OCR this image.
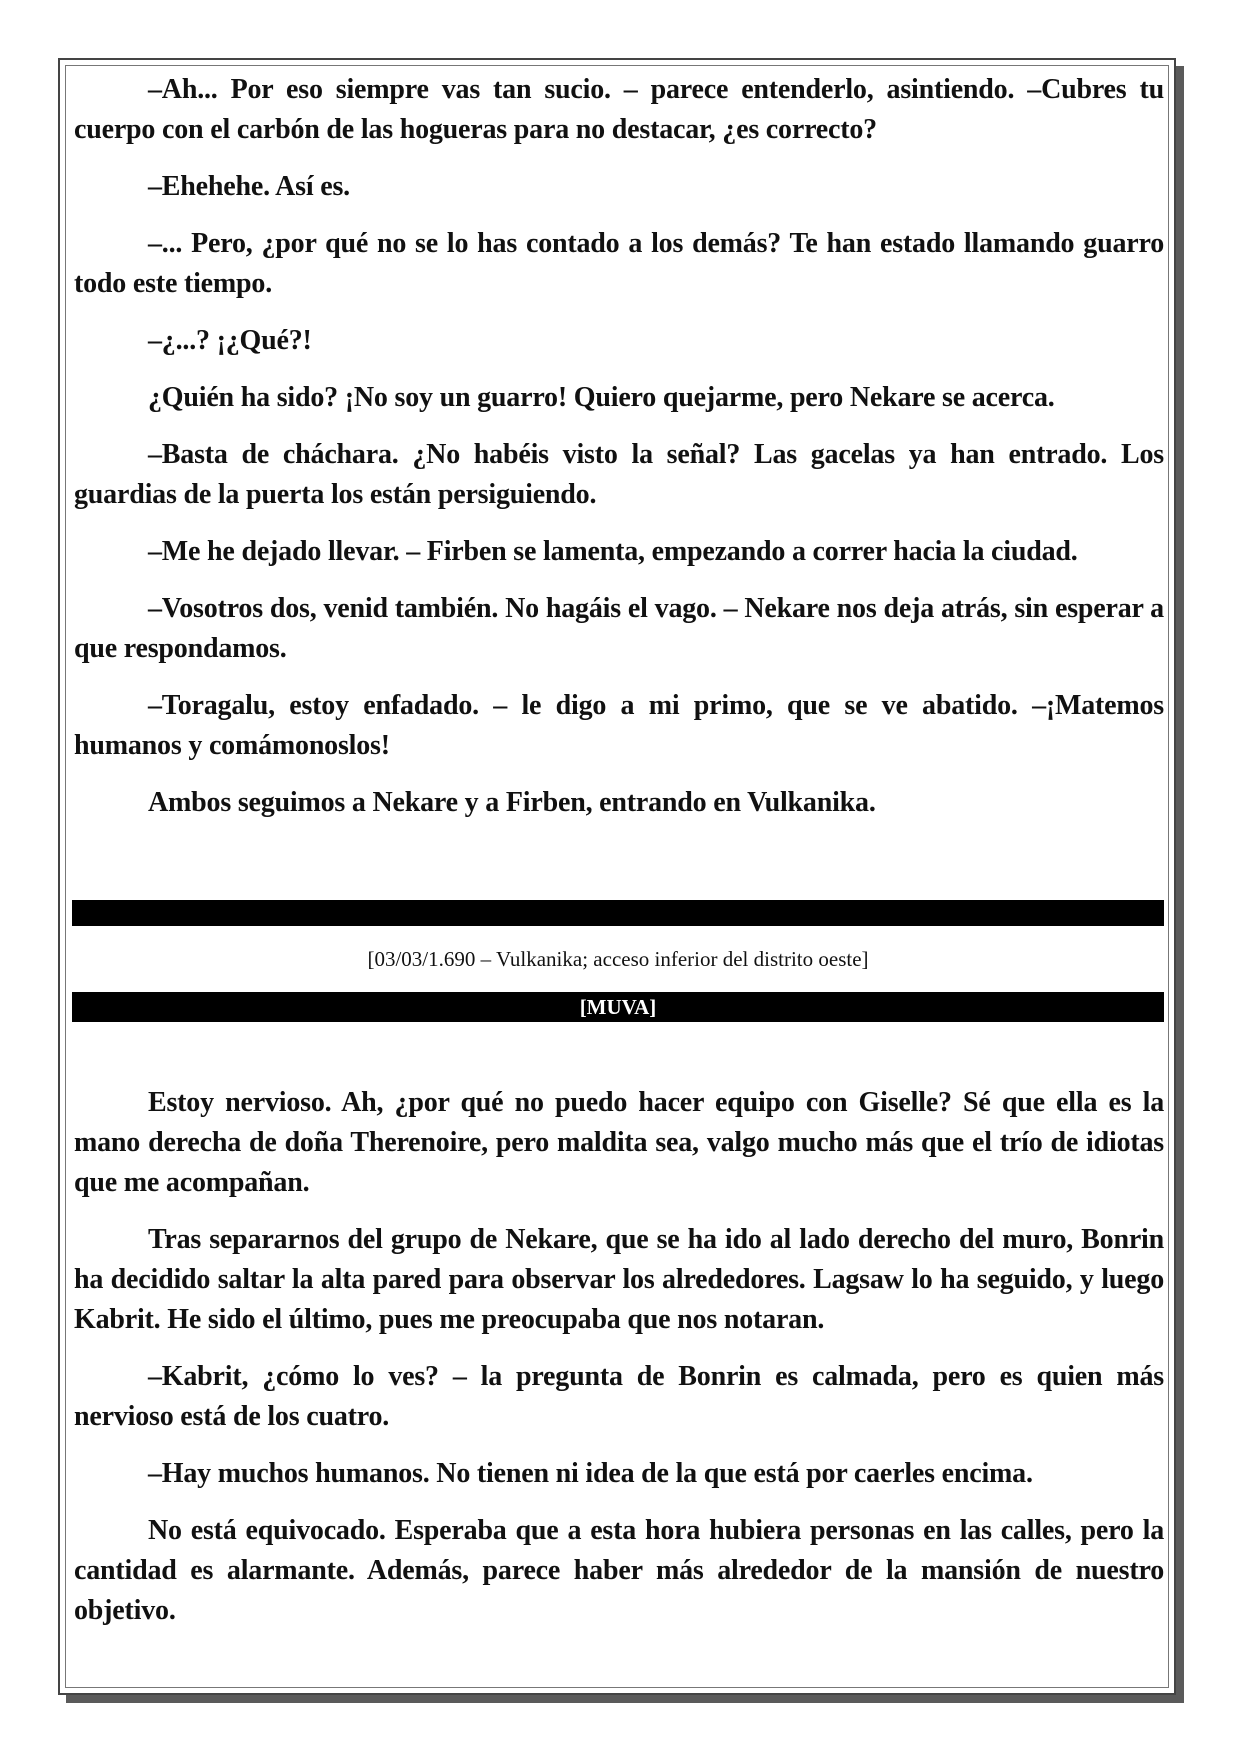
–Ah... Por eso siempre vas tan sucio. – parece entenderlo, asintiendo. –Cubres tu cuerpo con el carbón de las hogueras para no destacar, ¿es correcto?

–Ehehehe. Así es.

–... Pero, ¿por qué no se lo has contado a los demás? Te han estado llamando guarro todo este tiempo.

–¿...? ¡¿Qué?!

¿Quién ha sido? ¡No soy un guarro! Quiero quejarme, pero Nekare se acerca.

–Basta de cháchara. ¿No habéis visto la señal? Las gacelas ya han entrado. Los guardias de la puerta los están persiguiendo.

–Me he dejado llevar. – Firben se lamenta, empezando a correr hacia la ciudad.

–Vosotros dos, venid también. No hagáis el vago. – Nekare nos deja atrás, sin esperar a que respondamos.

–Toragalu, estoy enfadado. – le digo a mi primo, que se ve abatido. –¡Matemos humanos y comámonoslos!

Ambos seguimos a Nekare y a Firben, entrando en Vulkanika.

[03/03/1.690 – Vulkanika; acceso inferior del distrito oeste]
[MUVA]

Estoy nervioso. Ah, ¿por qué no puedo hacer equipo con Giselle? Sé que ella es la mano derecha de doña Therenoire, pero maldita sea, valgo mucho más que el trío de idiotas que me acompañan.

Tras separarnos del grupo de Nekare, que se ha ido al lado derecho del muro, Bonrin ha decidido saltar la alta pared para observar los alrededores. Lagsaw lo ha seguido, y luego Kabrit. He sido el último, pues me preocupaba que nos notaran.

–Kabrit, ¿cómo lo ves? – la pregunta de Bonrin es calmada, pero es quien más nervioso está de los cuatro.

–Hay muchos humanos. No tienen ni idea de la que está por caerles encima.

No está equivocado. Esperaba que a esta hora hubiera personas en las calles, pero la cantidad es alarmante. Además, parece haber más alrededor de la mansión de nuestro objetivo.
